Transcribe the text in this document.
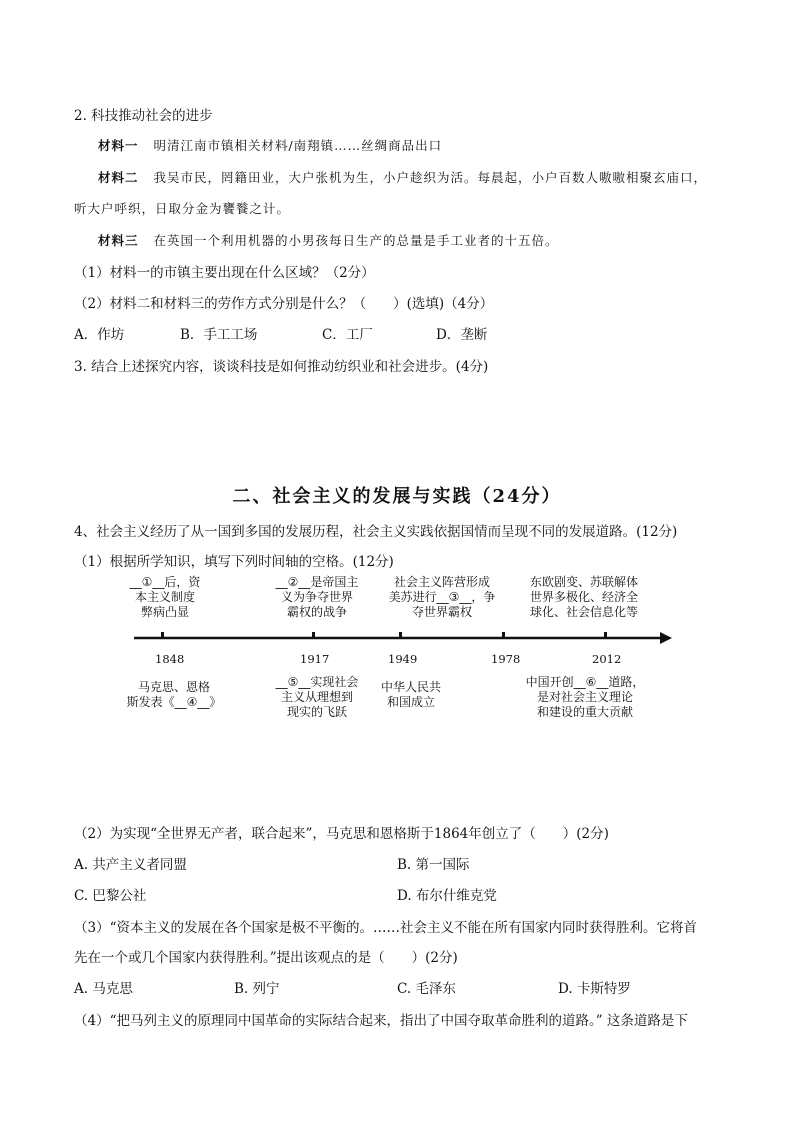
2. 科技推动社会的进步
材料一 明清江南市镇相关材料/南翔镇……丝绸商品出口
材料二 我吴市民，罔籍田业，大户张机为生，小户趁织为活。每晨起，小户百数人嗷嗷相聚玄庙口，
听大户呼织，日取分金为饔餮之计。
材料三 在英国一个利用机器的小男孩每日生产的总量是手工业者的十五倍。
（1）材料一的市镇主要出现在什么区域？（2分）
（2）材料二和材料三的劳作方式分别是什么？（　　）(选填)（4分）
A．作坊	B．手工工场	C．工厂	D．垄断
3. 结合上述探究内容，谈谈科技是如何推动纺织业和社会进步。(4分)
二、社会主义的发展与实践（24分）
4、社会主义经历了从一国到多国的发展历程，社会主义实践依据国情而呈现不同的发展道路。(12分)
（1）根据所学知识，填写下列时间轴的空格。(12分)
__①__后，资
本主义制度
弊病凸显
__②__是帝国主
义为争夺世界
霸权的战争
社会主义阵营形成
美苏进行__③__，争
夺世界霸权
东欧剧变、苏联解体
世界多极化、经济全
球化、社会信息化等
1848	1917	1949	1978	2012
马克思、恩格
斯发表《__④__》
__⑤__实现社会
主义从理想到
现实的飞跃
中华人民共
和国成立
中国开创__⑥__道路，
是对社会主义理论
和建设的重大贡献
（2）为实现“全世界无产者，联合起来”，马克思和恩格斯于1864年创立了（　　）(2分)
A. 共产主义者同盟	B. 第一国际
C. 巴黎公社	D. 布尔什维克党
（3）“资本主义的发展在各个国家是极不平衡的。……社会主义不能在所有国家内同时获得胜利。它将首
先在一个或几个国家内获得胜利。”提出该观点的是（　　）(2分)
A. 马克思	B. 列宁	C. 毛泽东	D. 卡斯特罗
（4）“把马列主义的原理同中国革命的实际结合起来，指出了中国夺取革命胜利的道路。” 这条道路是下
